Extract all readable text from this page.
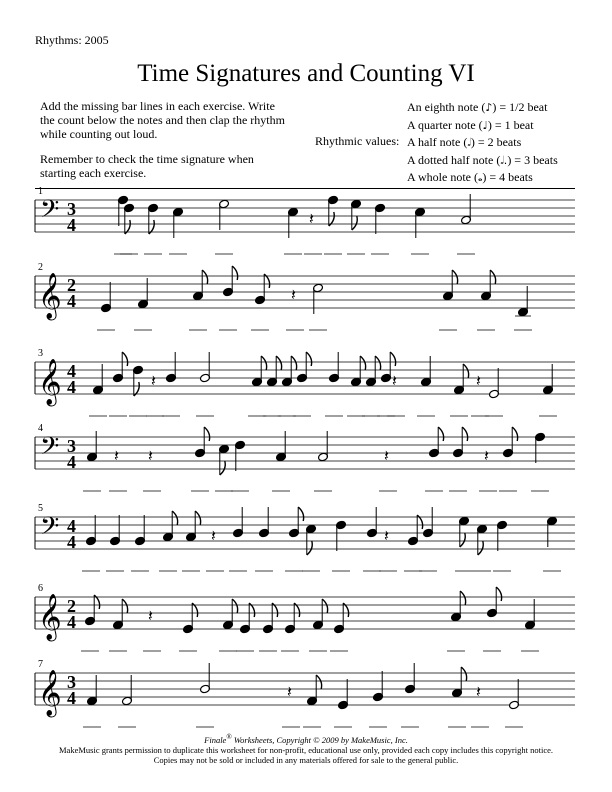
Rhythms: 2005
Time Signatures and Counting VI
Add the missing bar lines in each exercise. Write the count below the notes and then clap the rhythm while counting out loud.
Remember to check the time signature when starting each exercise.
Rhythmic values:
An eighth note (♪) = 1/2 beat
A quarter note (♩) = 1 beat
A half note (𝅗𝅥) = 2 beats
A dotted half note (𝅗𝅥.) = 3 beats
A whole note (𝅝) = 4 beats
1
𝄢 3
4	𝄽
2
𝄞 2
4	𝄽
3
𝄞 4
4	𝄽	𝄽	𝄽
4
𝄢 3
4 𝄽 𝄽	𝄽	𝄽
5
𝄢 4
4	𝄽	𝄽
6
𝄞 2
4	𝄽
7
𝄞 3
4	𝄽	𝄽
Finale® Worksheets, Copyright © 2009 by MakeMusic, Inc.
MakeMusic grants permission to duplicate this worksheet for non-profit, educational use only, provided each copy includes this copyright notice.
Copies may not be sold or included in any materials offered for sale to the general public.
